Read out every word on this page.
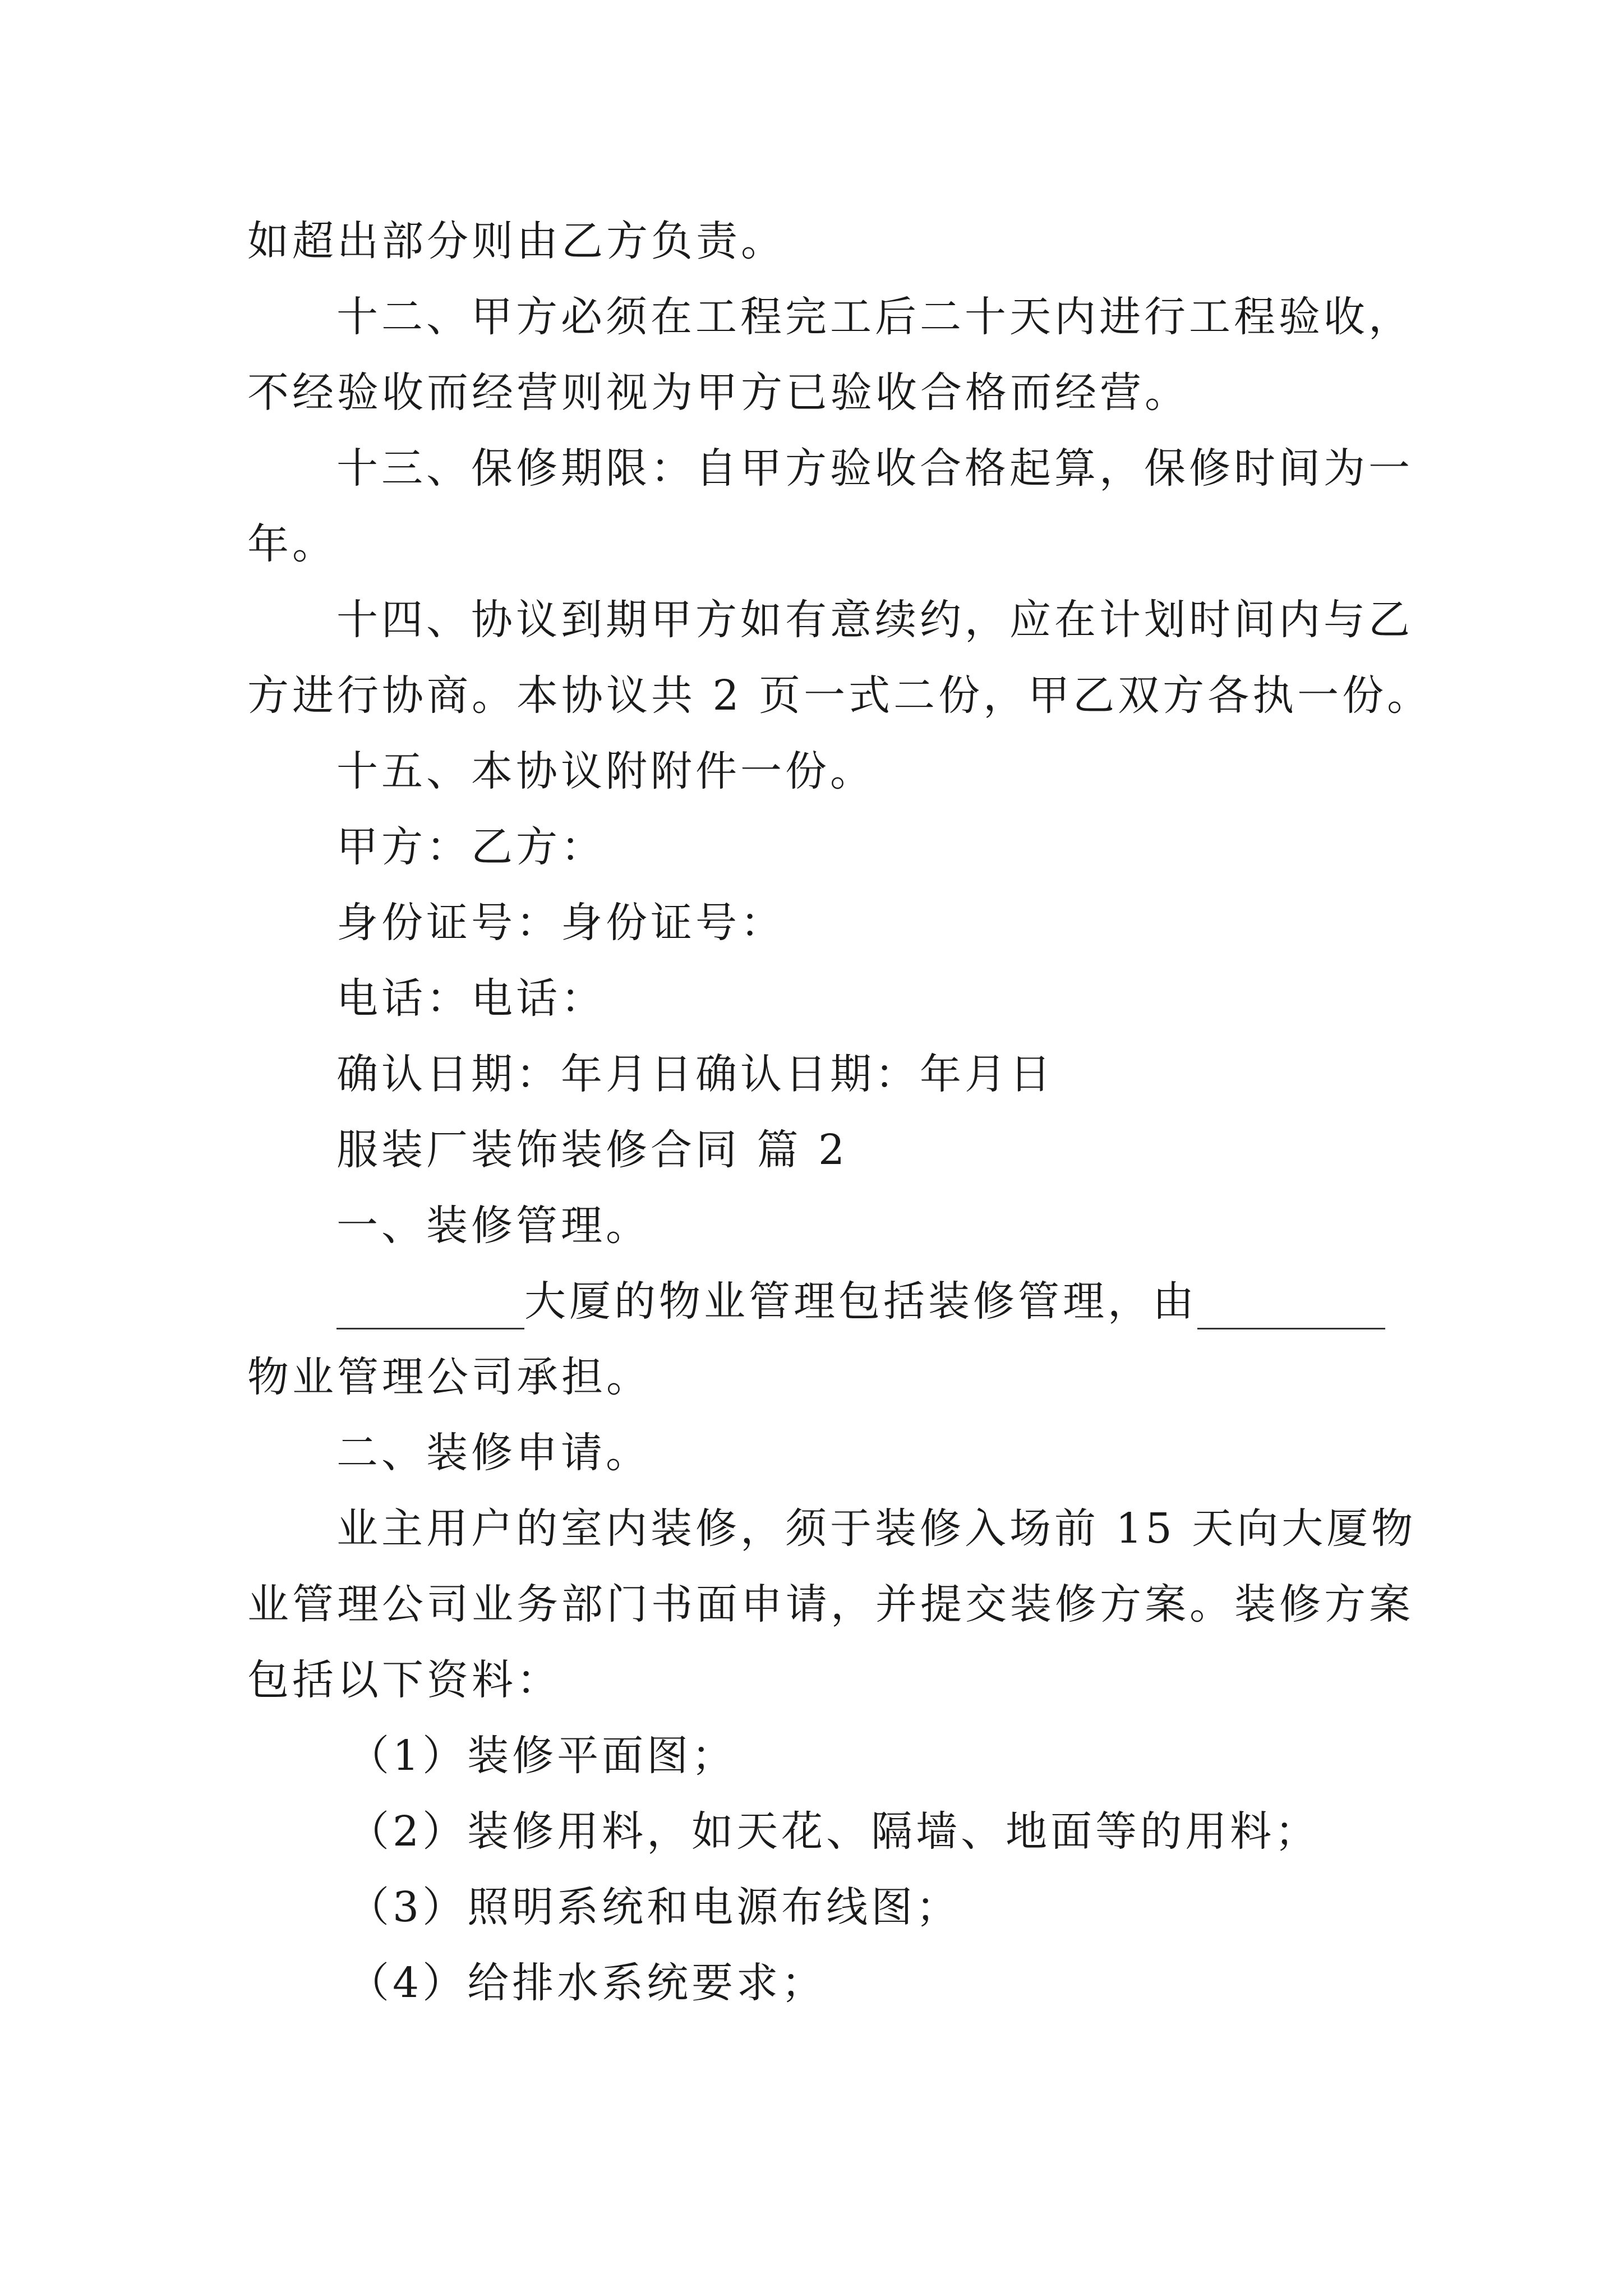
如超出部分则由乙方负责。
十二、甲方必须在工程完工后二十天内进行工程验收，
不经验收而经营则视为甲方已验收合格而经营。
十三、保修期限：自甲方验收合格起算，保修时间为一
年。
十四、协议到期甲方如有意续约，应在计划时间内与乙
方进行协商。本协议共 2 页一式二份，甲乙双方各执一份。
十五、本协议附附件一份。
甲方：乙方：
身份证号：身份证号：
电话：电话：
确认日期：年月日确认日期：年月日
服装厂装饰装修合同 篇 2
一、装修管理。
大厦的物业管理包括装修管理，由
物业管理公司承担。
二、装修申请。
业主用户的室内装修，须于装修入场前 15 天向大厦物
业管理公司业务部门书面申请，并提交装修方案。装修方案
包括以下资料：
（1）装修平面图；
（2）装修用料，如天花、隔墙、地面等的用料；
（3）照明系统和电源布线图；
（4）给排水系统要求；
